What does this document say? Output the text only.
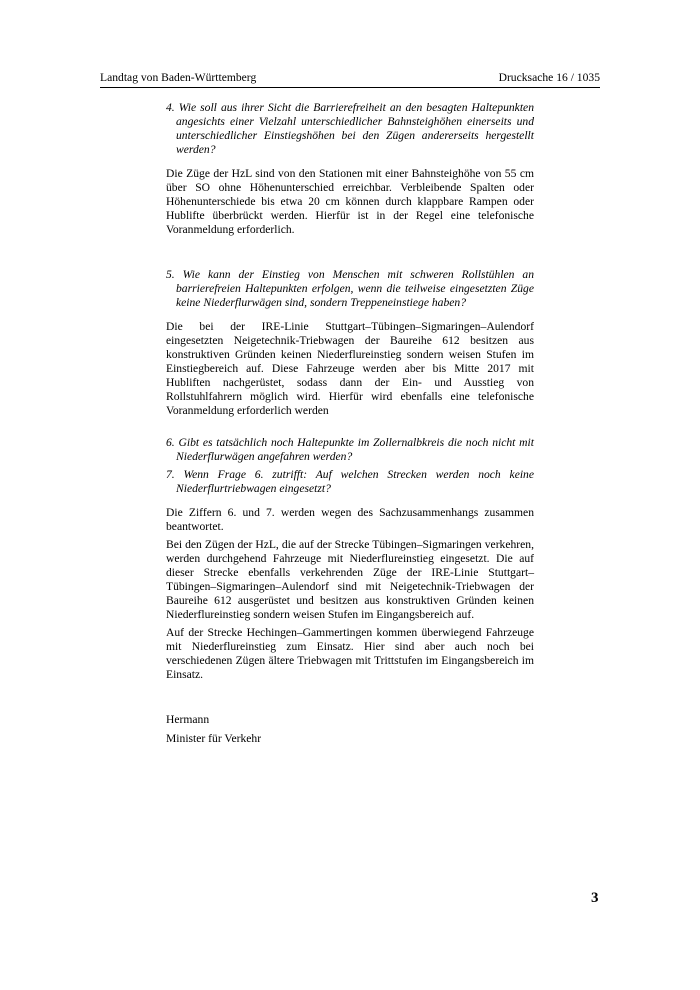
Landtag von Baden-Württemberg	Drucksache 16 / 1035

4. Wie soll aus ihrer Sicht die Barrierefreiheit an den besagten Haltepunkten angesichts einer Vielzahl unterschiedlicher Bahnsteighöhen einerseits und unterschiedlicher Einstiegshöhen bei den Zügen andererseits hergestellt werden?

Die Züge der HzL sind von den Stationen mit einer Bahnsteighöhe von 55 cm über SO ohne Höhenunterschied erreichbar. Verbleibende Spalten oder Höhenunterschiede bis etwa 20 cm können durch klappbare Rampen oder Hublifte überbrückt werden. Hierfür ist in der Regel eine telefonische Voranmeldung erforderlich.

5. Wie kann der Einstieg von Menschen mit schweren Rollstühlen an barrierefreien Haltepunkten erfolgen, wenn die teilweise eingesetzten Züge keine Niederflurwägen sind, sondern Treppeneinstiege haben?

Die bei der IRE-Linie Stuttgart–Tübingen–Sigmaringen–Aulendorf eingesetzten Neigetechnik-Triebwagen der Baureihe 612 besitzen aus konstruktiven Gründen keinen Niederflureinstieg sondern weisen Stufen im Einstiegbereich auf. Diese Fahrzeuge werden aber bis Mitte 2017 mit Hubliften nachgerüstet, sodass dann der Ein- und Ausstieg von Rollstuhlfahrern möglich wird. Hierfür wird ebenfalls eine telefonische Voranmeldung erforderlich werden

6. Gibt es tatsächlich noch Haltepunkte im Zollernalbkreis die noch nicht mit Niederflurwägen angefahren werden?

7. Wenn Frage 6. zutrifft: Auf welchen Strecken werden noch keine Niederflurtriebwagen eingesetzt?

Die Ziffern 6. und 7. werden wegen des Sachzusammenhangs zusammen beantwortet.

Bei den Zügen der HzL, die auf der Strecke Tübingen–Sigmaringen verkehren, werden durchgehend Fahrzeuge mit Niederflureinstieg eingesetzt. Die auf dieser Strecke ebenfalls verkehrenden Züge der IRE-Linie Stuttgart–Tübingen–Sigmaringen–Aulendorf sind mit Neigetechnik-Triebwagen der Baureihe 612 ausgerüstet und besitzen aus konstruktiven Gründen keinen Niederflureinstieg sondern weisen Stufen im Eingangsbereich auf.

Auf der Strecke Hechingen–Gammertingen kommen überwiegend Fahrzeuge mit Niederflureinstieg zum Einsatz. Hier sind aber auch noch bei verschiedenen Zügen ältere Triebwagen mit Trittstufen im Eingangsbereich im Einsatz.

Hermann
Minister für Verkehr
3
